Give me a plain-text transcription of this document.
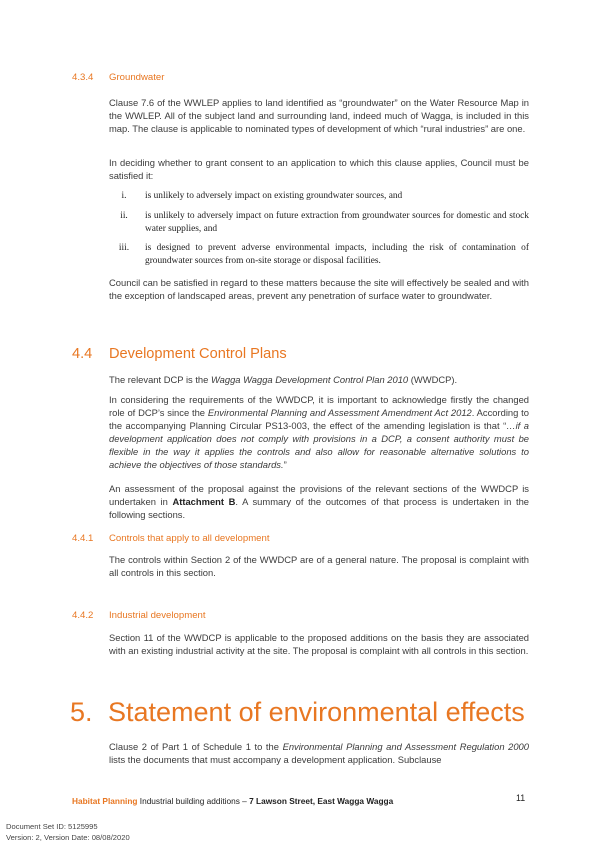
4.3.4 Groundwater

Clause 7.6 of the WWLEP applies to land identified as “groundwater” on the Water Resource Map in the WWLEP. All of the subject land and surrounding land, indeed much of Wagga, is included in this map. The clause is applicable to nominated types of development of which “rural industries” are one.

In deciding whether to grant consent to an application to which this clause applies, Council must be satisfied it:

i.	is unlikely to adversely impact on existing groundwater sources, and
ii.	is unlikely to adversely impact on future extraction from groundwater sources for domestic and stock water supplies, and
iii.	is designed to prevent adverse environmental impacts, including the risk of contamination of groundwater sources from on-site storage or disposal facilities.

Council can be satisfied in regard to these matters because the site will effectively be sealed and with the exception of landscaped areas, prevent any penetration of surface water to groundwater.

4.4 Development Control Plans

The relevant DCP is the Wagga Wagga Development Control Plan 2010 (WWDCP).

In considering the requirements of the WWDCP, it is important to acknowledge firstly the changed role of DCP’s since the Environmental Planning and Assessment Amendment Act 2012. According to the accompanying Planning Circular PS13-003, the effect of the amending legislation is that “…if a development application does not comply with provisions in a DCP, a consent authority must be flexible in the way it applies the controls and also allow for reasonable alternative solutions to achieve the objectives of those standards.”

An assessment of the proposal against the provisions of the relevant sections of the WWDCP is undertaken in Attachment B. A summary of the outcomes of that process is undertaken in the following sections.

4.4.1 Controls that apply to all development

The controls within Section 2 of the WWDCP are of a general nature. The proposal is complaint with all controls in this section.

4.4.2 Industrial development

Section 11 of the WWDCP is applicable to the proposed additions on the basis they are associated with an existing industrial activity at the site. The proposal is complaint with all controls in this section.

5. Statement of environmental effects

Clause 2 of Part 1 of Schedule 1 to the Environmental Planning and Assessment Regulation 2000 lists the documents that must accompany a development application. Subclause

Habitat Planning Industrial building additions – 7 Lawson Street, East Wagga Wagga	11
Document Set ID: 5125995
Version: 2, Version Date: 08/08/2020
